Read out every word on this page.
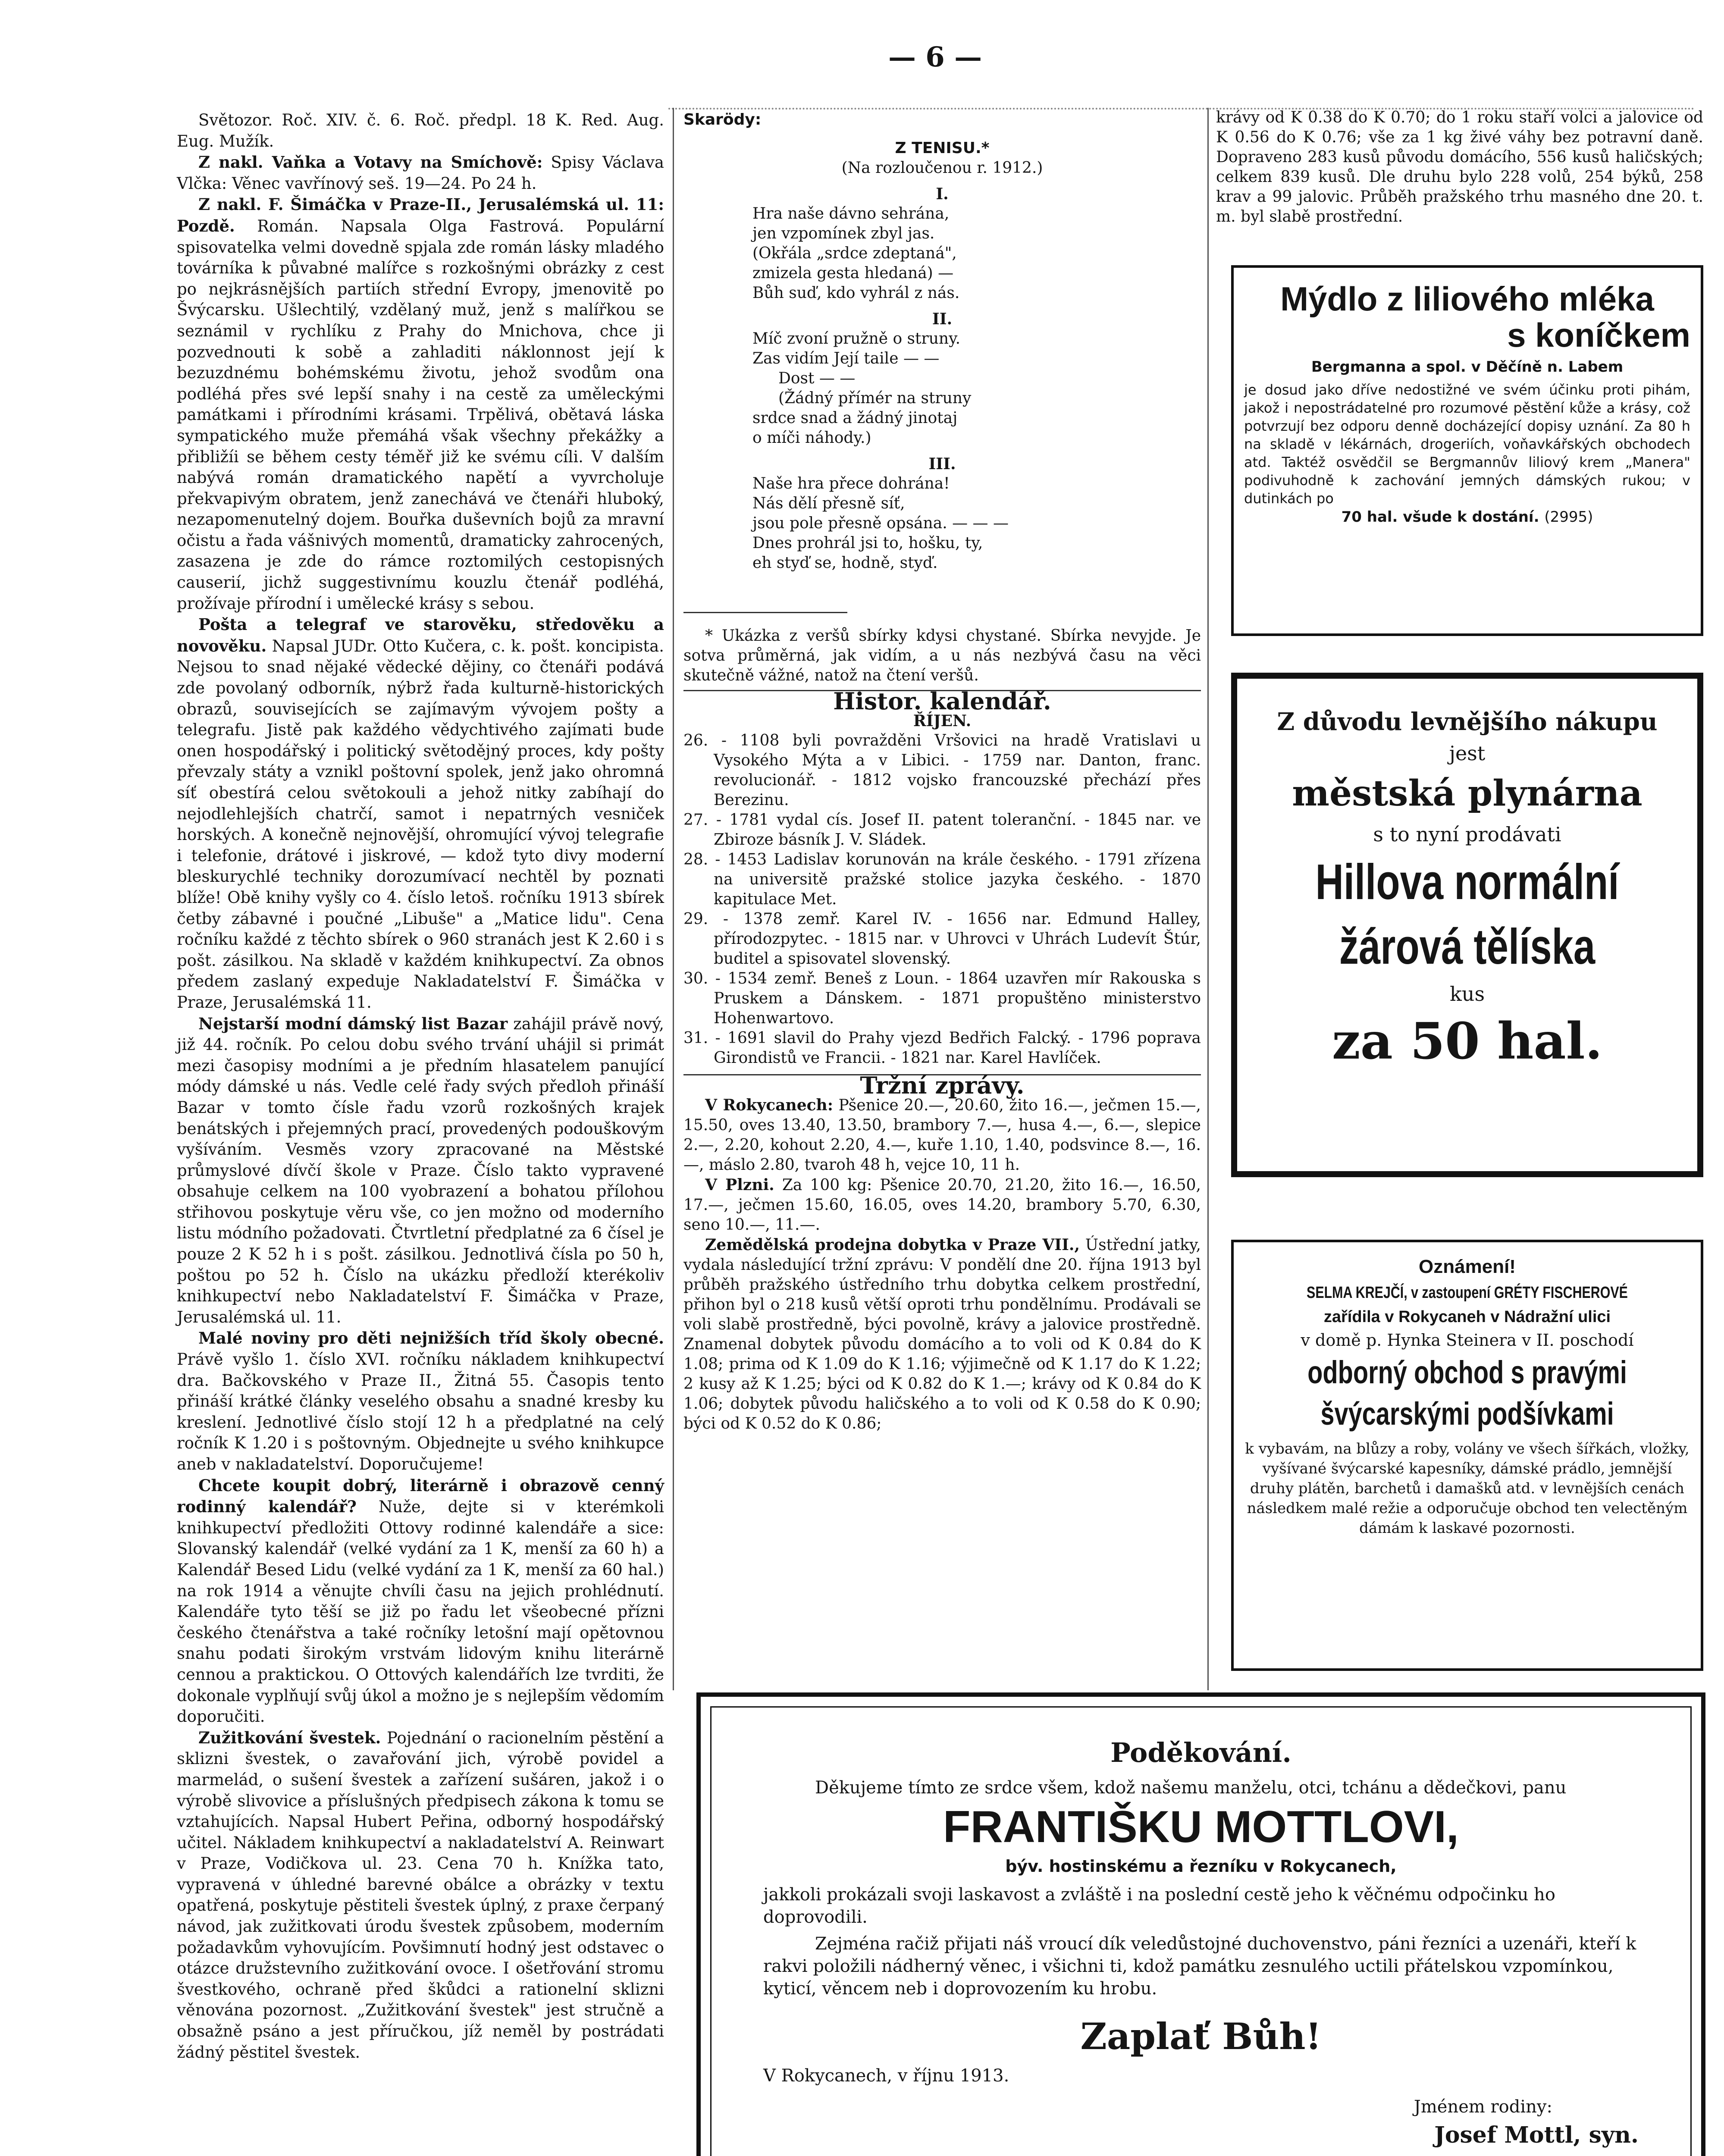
— 6 —

Světozor. Roč. XIV. č. 6. Roč. předpl. 18 K. Red. Aug. Eug. Mužík.

Z nakl. Vaňka a Votavy na Smíchově: Spisy Václava Vlčka: Věnec vavřínový seš. 19—24. Po 24 h.

Z nakl. F. Šimáčka v Praze-II., Jerusalémská ul. 11: Pozdě. Román. Napsala Olga Fastrová. Populární spisovatelka velmi dovedně spjala zde román lásky mladého továrníka k půvabné malířce s rozkošnými obrázky z cest po nejkrásnějších partiích střední Evropy, jmenovitě po Švýcarsku. Ušlechtilý, vzdělaný muž, jenž s malířkou se seznámil v rychlíku z Prahy do Mnichova, chce ji pozvednouti k sobě a zahladiti náklonnost její k bezuzdnému bohémskému životu, jehož svodům ona podléhá přes své lepší snahy i na cestě za uměleckými památkami i přírodními krásami. Trpělivá, obětavá láska sympatického muže přemáhá však všechny překážky a přibližíi se během cesty téměř již ke svému cíli. V dalším nabývá román dramatického napětí a vyvrcholuje překvapivým obratem, jenž zanechává ve čtenáři hluboký, nezapomenutelný dojem. Bouřka duševních bojů za mravní očistu a řada vášnivých momentů, dramaticky zahrocených, zasazena je zde do rámce roztomilých cestopisných causerií, jichž suggestivnímu kouzlu čtenář podléhá, prožívaje přírodní i umělecké krásy s sebou.

Pošta a telegraf ve starověku, středověku a novověku. Napsal JUDr. Otto Kučera, c. k. pošt. koncipista. Nejsou to snad nějaké vědecké dějiny, co čtenáři podává zde povolaný odborník, nýbrž řada kulturně-historických obrazů, souvisejících se zajímavým vývojem pošty a telegrafu. Jistě pak každého vědychtivého zajímati bude onen hospodářský i politický světodějný proces, kdy pošty převzaly státy a vznikl poštovní spolek, jenž jako ohromná síť obestírá celou světokouli a jehož nitky zabíhají do nejodlehlejších chatrčí, samot i nepatrných vesniček horských. A konečně nejnovější, ohromující vývoj telegrafie i telefonie, drátové i jiskrové, — kdož tyto divy moderní bleskurychlé techniky dorozumívací nechtěl by poznati blíže! Obě knihy vyšly co 4. číslo letoš. ročníku 1913 sbírek četby zábavné i poučné „Libuše" a „Matice lidu". Cena ročníku každé z těchto sbírek o 960 stranách jest K 2.60 i s pošt. zásilkou. Na skladě v každém knihkupectví. Za obnos předem zaslaný expeduje Nakladatelství F. Šimáčka v Praze, Jerusalémská 11.

Nejstarší modní dámský list Bazar zahájil právě nový, již 44. ročník. Po celou dobu svého trvání uhájil si primát mezi časopisy modními a je předním hlasatelem panující módy dámské u nás. Vedle celé řady svých předloh přináší Bazar v tomto čísle řadu vzorů rozkošných krajek benátských i přejemných prací, provedených podouškovým vyšíváním. Vesměs vzory zpracované na Městské průmyslové dívčí škole v Praze. Číslo takto vypravené obsahuje celkem na 100 vyobrazení a bohatou přílohou střihovou poskytuje věru vše, co jen možno od moderního listu módního požadovati. Čtvrtletní předplatné za 6 čísel je pouze 2 K 52 h i s pošt. zásilkou. Jednotlivá čísla po 50 h, poštou po 52 h. Číslo na ukázku předloží kterékoliv knihkupectví nebo Nakladatelství F. Šimáčka v Praze, Jerusalémská ul. 11.

Malé noviny pro děti nejnižších tříd školy obecné. Právě vyšlo 1. číslo XVI. ročníku nákladem knihkupectví dra. Bačkovského v Praze II., Žitná 55. Časopis tento přináší krátké články veselého obsahu a snadné kresby ku kreslení. Jednotlivé číslo stojí 12 h a předplatné na celý ročník K 1.20 i s poštovným. Objednejte u svého knihkupce aneb v nakladatelství. Doporučujeme!

Chcete koupit dobrý, literárně i obrazově cenný rodinný kalendář? Nuže, dejte si v kterémkoli knihkupectví předložiti Ottovy rodinné kalendáře a sice: Slovanský kalendář (velké vydání za 1 K, menší za 60 h) a Kalendář Besed Lidu (velké vydání za 1 K, menší za 60 hal.) na rok 1914 a věnujte chvíli času na jejich prohlédnutí. Kalendáře tyto těší se již po řadu let všeobecné přízni českého čtenářstva a také ročníky letošní mají opětovnou snahu podati širokým vrstvám lidovým knihu literárně cennou a praktickou. O Ottových kalendářích lze tvrditi, že dokonale vyplňují svůj úkol a možno je s nejlepším vědomím doporučiti.

Zužitkování švestek. Pojednání o racionelním pěstění a sklizni švestek, o zavařování jich, výrobě povidel a marmelád, o sušení švestek a zařízení sušáren, jakož i o výrobě slivovice a příslušných předpisech zákona k tomu se vztahujících. Napsal Hubert Peřina, odborný hospodářský učitel. Nákladem knihkupectví a nakladatelství A. Reinwart v Praze, Vodičkova ul. 23. Cena 70 h. Knížka tato, vypravená v úhledné barevné obálce a obrázky v textu opatřená, poskytuje pěstiteli švestek úplný, z praxe čerpaný návod, jak zužitkovati úrodu švestek způsobem, moderním požadavkům vyhovujícím. Povšimnutí hodný jest odstavec o otázce družstevního zužitkování ovoce. I ošetřování stromu švestkového, ochraně před škůdci a rationelní sklizni věnována pozornost. „Zužitkování švestek" jest stručně a obsažně psáno a jest příručkou, jíž neměl by postrádati žádný pěstitel švestek.

Skarödy:

Z TENISU.*

(Na rozloučenou r. 1912.)

I.

Hra naše dávno sehrána,

jen vzpomínek zbyl jas.

(Okřála „srdce zdeptaná",

zmizela gesta hledaná) —

Bůh suď, kdo vyhrál z nás.

II.

Míč zvoní pružně o struny.

Zas vidím Její taile — —

Dost — —

(Žádný přímér na struny

srdce snad a žádný jinotaj

o míči náhody.)

III.

Naše hra přece dohrána!

Nás dělí přesně síť,

jsou pole přesně opsána. — — —

Dnes prohrál jsi to, hošku, ty,

eh styď se, hodně, styď.

* Ukázka z veršů sbírky kdysi chystané. Sbírka nevyjde. Je sotva průměrná, jak vidím, a u nás nezbývá času na věci skutečně vážné, natož na čtení veršů.

Histor. kalendář.

ŘÍJEN.

26. - 1108 byli povražděni Vršovici na hradě Vratislavi u Vysokého Mýta a v Libici. - 1759 nar. Danton, franc. revolucionář. - 1812 vojsko francouzské přechází přes Berezinu.

27. - 1781 vydal cís. Josef II. patent toleranční. - 1845 nar. ve Zbiroze básník J. V. Sládek.

28. - 1453 Ladislav korunován na krále českého. - 1791 zřízena na universitě pražské stolice jazyka českého. - 1870 kapitulace Met.

29. - 1378 zemř. Karel IV. - 1656 nar. Edmund Halley, přírodozpytec. - 1815 nar. v Uhrovci v Uhrách Ludevít Štúr, buditel a spisovatel slovenský.

30. - 1534 zemř. Beneš z Loun. - 1864 uzavřen mír Rakouska s Pruskem a Dánskem. - 1871 propuštěno ministerstvo Hohenwartovo.

31. - 1691 slavil do Prahy vjezd Bedřich Falcký. - 1796 poprava Girondistů ve Francii. - 1821 nar. Karel Havlíček.

Tržní zprávy.

V Rokycanech: Pšenice 20.—, 20.60, žito 16.—, ječmen 15.—, 15.50, oves 13.40, 13.50, brambory 7.—, husa 4.—, 6.—, slepice 2.—, 2.20, kohout 2.20, 4.—, kuře 1.10, 1.40, podsvince 8.—, 16.—, máslo 2.80, tvaroh 48 h, vejce 10, 11 h.

V Plzni. Za 100 kg: Pšenice 20.70, 21.20, žito 16.—, 16.50, 17.—, ječmen 15.60, 16.05, oves 14.20, brambory 5.70, 6.30, seno 10.—, 11.—.

Zemědělská prodejna dobytka v Praze VII., Ústřední jatky, vydala následující tržní zprávu: V pondělí dne 20. října 1913 byl průběh pražského ústředního trhu dobytka celkem prostřední, přihon byl o 218 kusů větší oproti trhu pondělnímu. Prodávali se voli slabě prostředně, býci povolně, krávy a jalovice prostředně. Znamenal dobytek původu domácího a to voli od K 0.84 do K 1.08; prima od K 1.09 do K 1.16; výjimečně od K 1.17 do K 1.22; 2 kusy až K 1.25; býci od K 0.82 do K 1.—; krávy od K 0.84 do K 1.06; dobytek původu haličského a to voli od K 0.58 do K 0.90; býci od K 0.52 do K 0.86;

krávy od K 0.38 do K 0.70; do 1 roku staří volci a jalovice od K 0.56 do K 0.76; vše za 1 kg živé váhy bez potravní daně. Dopraveno 283 kusů původu domácího, 556 kusů haličských; celkem 839 kusů. Dle druhu bylo 228 volů, 254 býků, 258 krav a 99 jalovic. Průběh pražského trhu masného dne 20. t. m. byl slabě prostřední.

Mýdlo z liliového mléka

s koníčkem

Bergmanna a spol. v Děčíně n. Labem

je dosud jako dříve nedostižné ve svém účinku proti pihám, jakož i nepostrádatelné pro rozumové pěstění kůže a krásy, což potvrzují bez odporu denně docházející dopisy uznání. Za 80 h na skladě v lékárnách, drogeriích, voňavkářských obchodech atd. Taktéž osvědčil se Bergmannův liliový krem „Manera" podivuhodně k zachování jemných dámských rukou; v dutinkách po

70 hal. všude k dostání. (2995)

Z důvodu levnějšího nákupu

jest

městská plynárna

s to nyní prodávati

Hillova normální

žárová tělíska

kus

za 50 hal.

Oznámení!

SELMA KREJČÍ, v zastoupení GRÉTY FISCHEROVÉ

zařídila v Rokycaneh v Nádražní ulici

v domě p. Hynka Steinera v II. poschodí

odborný obchod s pravými

švýcarskými podšívkami

k vybavám, na blůzy a roby, volány ve všech šířkách, vložky, vyšívané švýcarské kapesníky, dámské prádlo, jemnější druhy plátěn, barchetů i damašků atd. v levnějších cenách následkem malé režie a odporučuje obchod ten velectěným dámám k laskavé pozornosti.

Poděkování.

Děkujeme tímto ze srdce všem, kdož našemu manželu, otci, tchánu a dědečkovi, panu

FRANTIŠKU MOTTLOVI,

býv. hostinskému a řezníku v Rokycanech,

jakkoli prokázali svoji laskavost a zvláště i na poslední cestě jeho k věčnému odpočinku ho doprovodili.

Zejména račiž přijati náš vroucí dík veledůstojné duchovenstvo, páni řezníci a uzenáři, kteří k rakvi položili nádherný věnec, i všichni ti, kdož památku zesnulého uctili přátelskou vzpomínkou, kyticí, věncem neb i doprovozením ku hrobu.

Zaplať Bůh!

V Rokycanech, v říjnu 1913.

Jménem rodiny:

Josef Mottl, syn.
